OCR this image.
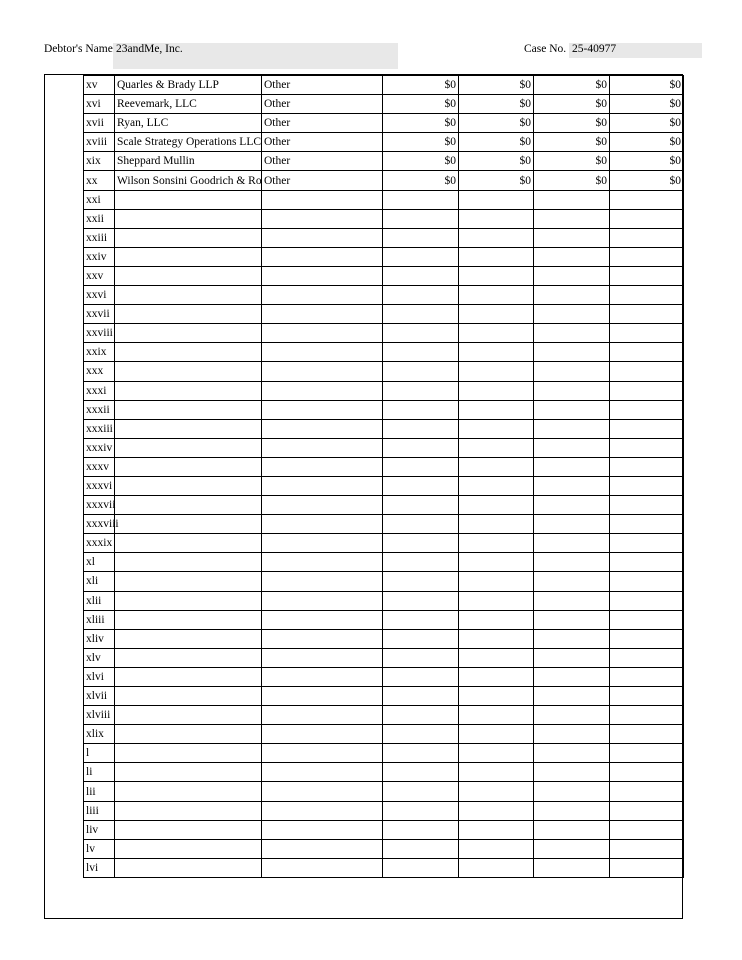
Debtor's Name 23andMe, Inc.	Case No. 25-40977
xv	Quarles & Brady LLP	Other	$0	$0	$0	$0
xvi	Reevemark, LLC	Other	$0	$0	$0	$0
xvii	Ryan, LLC	Other	$0	$0	$0	$0
xviii	Scale Strategy Operations LLC	Other	$0	$0	$0	$0
xix	Sheppard Mullin	Other	$0	$0	$0	$0
xx	Wilson Sonsini Goodrich & Ro	Other	$0	$0	$0	$0
xxi						
xxii						
xxiii						
xxiv						
xxv						
xxvi						
xxvii						
xxviii						
xxix						
xxx						
xxxi						
xxxii						
xxxiii						
xxxiv						
xxxv						
xxxvi						
xxxvii						
xxxviii						
xxxix						
xl						
xli						
xlii						
xliii						
xliv						
xlv						
xlvi						
xlvii						
xlviii						
xlix						
l						
li						
lii						
liii						
liv						
lv						
lvi						
